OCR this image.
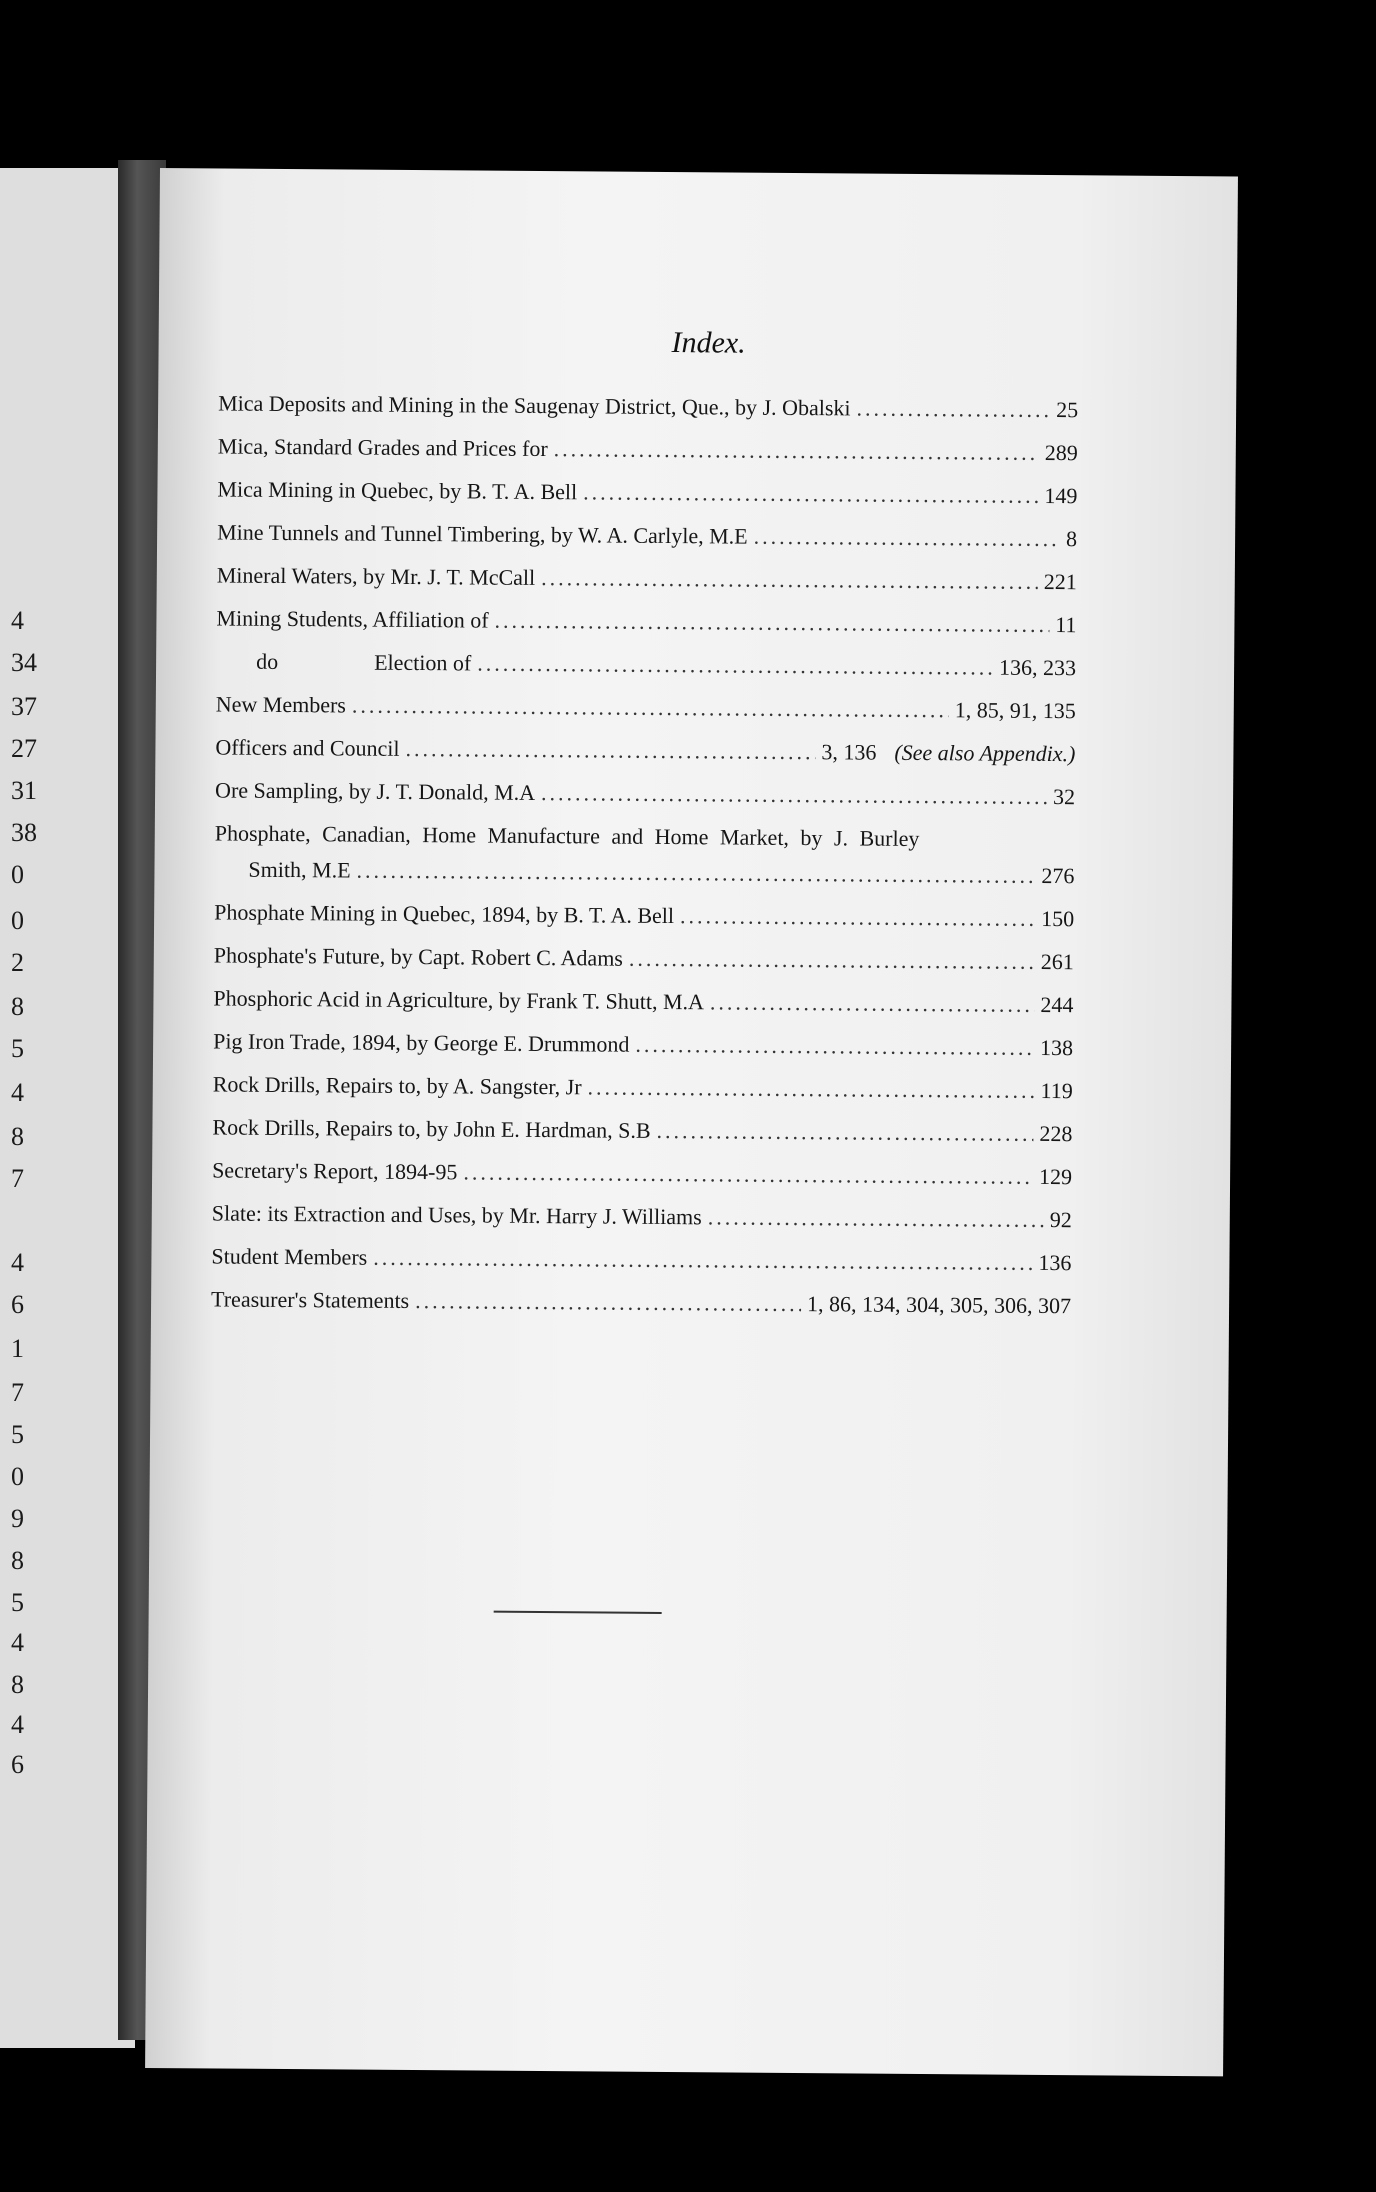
4
34
37
27
31
38
0
0
2
8
5
4
8
7
4
6
1
7
5
0
9
8
5
4
8
4
6
Index.
Mica Deposits and Mining in the Saugenay District, Que., by J. Obalski .....	25
Mica, Standard Grades and Prices for .....	289
Mica Mining in Quebec, by B. T. A. Bell .....	149
Mine Tunnels and Tunnel Timbering, by W. A. Carlyle, M.E .....	8
Mineral Waters, by Mr. J. T. McCall .....	221
Mining Students, Affiliation of .....	11
do	Election of .....	136, 233
New Members .....	1, 85, 91, 135
Officers and Council .....	3, 136 (See also Appendix.)
Ore Sampling, by J. T. Donald, M.A .....	32
Phosphate, Canadian, Home Manufacture and Home Market, by J. Burley
Smith, M.E .....	276
Phosphate Mining in Quebec, 1894, by B. T. A. Bell .....	150
Phosphate's Future, by Capt. Robert C. Adams .....	261
Phosphoric Acid in Agriculture, by Frank T. Shutt, M.A .....	244
Pig Iron Trade, 1894, by George E. Drummond .....	138
Rock Drills, Repairs to, by A. Sangster, Jr .....	119
Rock Drills, Repairs to, by John E. Hardman, S.B .....	228
Secretary's Report, 1894-95 .....	129
Slate: its Extraction and Uses, by Mr. Harry J. Williams .....	92
Student Members .....	136
Treasurer's Statements .....	1, 86, 134, 304, 305, 306, 307
